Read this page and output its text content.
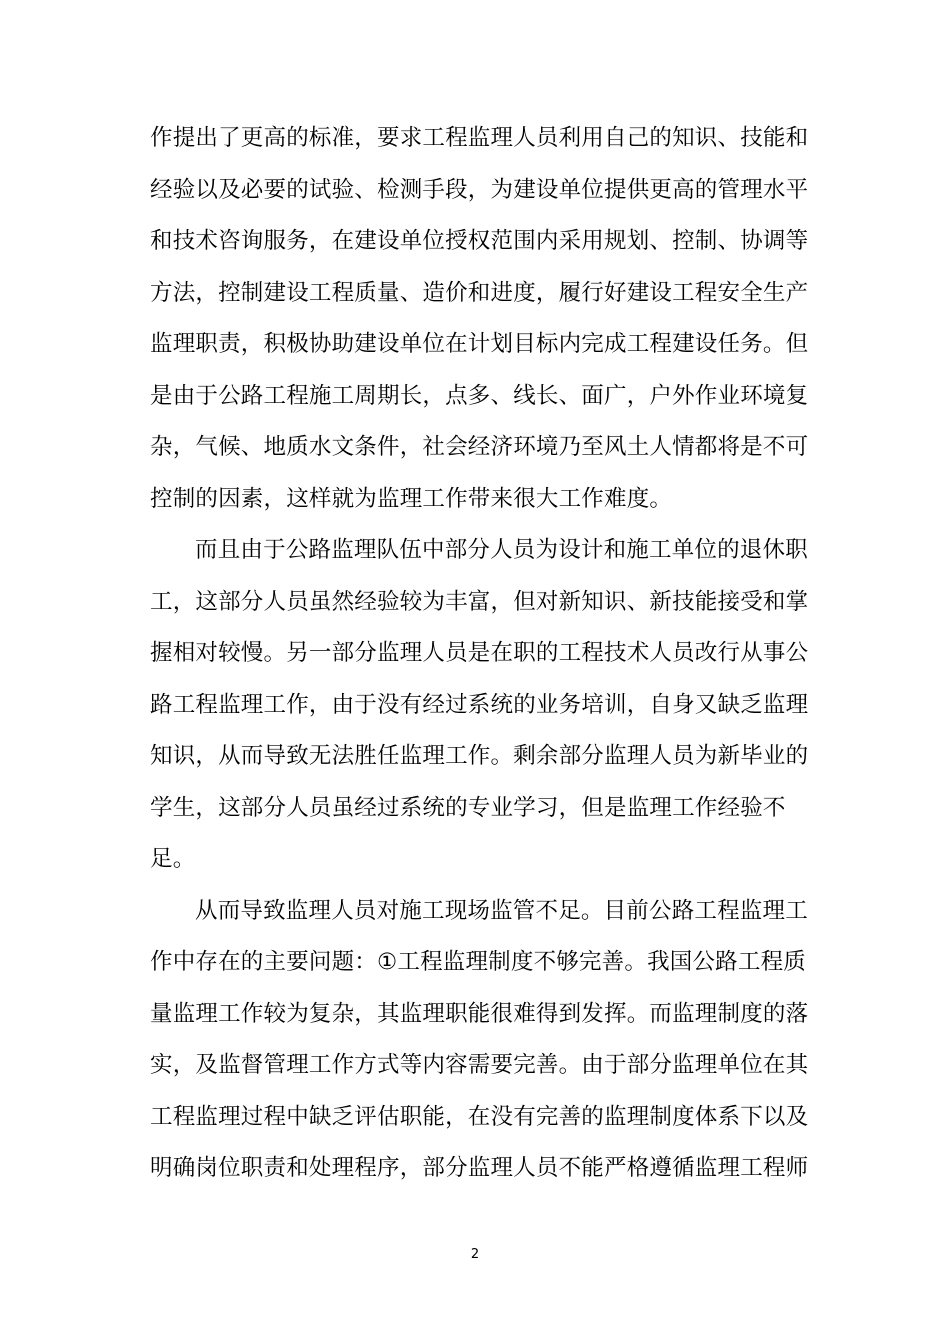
作提出了更高的标准，要求工程监理人员利用自己的知识、技能和
经验以及必要的试验、检测手段，为建设单位提供更高的管理水平
和技术咨询服务，在建设单位授权范围内采用规划、控制、协调等
方法，控制建设工程质量、造价和进度，履行好建设工程安全生产
监理职责，积极协助建设单位在计划目标内完成工程建设任务。但
是由于公路工程施工周期长，点多、线长、面广，户外作业环境复
杂，气候、地质水文条件，社会经济环境乃至风土人情都将是不可
控制的因素，这样就为监理工作带来很大工作难度。
而且由于公路监理队伍中部分人员为设计和施工单位的退休职
工，这部分人员虽然经验较为丰富，但对新知识、新技能接受和掌
握相对较慢。另一部分监理人员是在职的工程技术人员改行从事公
路工程监理工作，由于没有经过系统的业务培训，自身又缺乏监理
知识，从而导致无法胜任监理工作。剩余部分监理人员为新毕业的
学生，这部分人员虽经过系统的专业学习，但是监理工作经验不
足。
从而导致监理人员对施工现场监管不足。目前公路工程监理工
作中存在的主要问题：①工程监理制度不够完善。我国公路工程质
量监理工作较为复杂，其监理职能很难得到发挥。而监理制度的落
实，及监督管理工作方式等内容需要完善。由于部分监理单位在其
工程监理过程中缺乏评估职能，在没有完善的监理制度体系下以及
明确岗位职责和处理程序，部分监理人员不能严格遵循监理工程师
2
